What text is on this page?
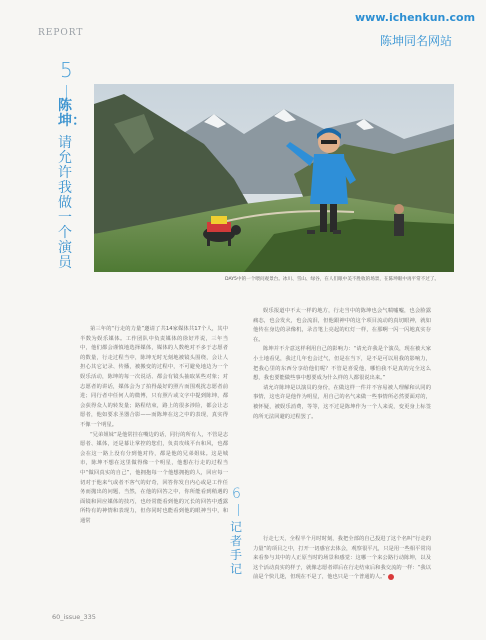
REPORT
www.ichenkun.com
陈坤同名网站
5
陈坤：
请允许我做一个演员
DAY5中的一个喂问观景台。冰川、雪山、绿谷，在人们眼中美不胜收的场景，在陈坤眼中再平常不过了。

第三年的“行走的力量”邀请了共14家媒体共17个人，其中半数为娱乐媒体。工作团队中负责媒体的徐好芹说，三年当中，他们都会谨慎地选择媒体，媒体的人数绝对不多于志愿者的数量，行走过程当中，陈坤无时无刻地被镜头围绕，会让人担心其它记录、传播，被搬变的过程中，不可避免地边为一个娱乐活动，陈坤的每一次说话、都会有镜头抽取某些对象；对志愿者的讲话，媒体会为了拍得最好的照片而围观扰志愿者前进；同行者中任何人的微博，只有照片或文字中提到陈坤，都会获得众人的转发量；路程结束，路上的很多涉险，都会让志愿者，他如要求圣器合影——而陈坤在这之中的表现，真实得不像一个明星。

“兄弟姐妹”是他常挂在嘴边的话，同行的所有人，不管是志愿者、媒体，还是幕让掌控的您们，负责攻线平台和风，也都会在这一路上没有分到他对待，都是他的兄弟姐妹。这是城市，陈坤不想在这里做得像一个明星，他想在行走的过程当中“做回真实的自己”，他拥抱每一个他想拥抱的人，回应每一切对于他来气或者不客气的好奇，回答你发自内心或是工作任务而抛出的问题，当然，在他的回答之中，你所能看到稍遇的面镜和回应媒体的技巧，也经常能看到他的冗长的回答中透露所特有的神情和表现力，但你同时也能看到他的眼神当中，和通常

娱乐报道中不太一样的地方，行走当中的陈坤也会气喘嘘嘘，也会脸露痛态，也会发火，也会流泪，但他跟神中的这个项目流动的真切眼神，就如他传在身边的录像机，录音笔上亮起的红灯一样，在那啊一闪一闪地真实存在。

陈坤并不介意这样利用自己的影响力：“请允许我是个演员，现在被大家小土地看见，我过几年也会过气，但是在当下，是不是可以用我的影响力，把我心里的东西分享给他们呢？不管是喜爱他，哪怕我不是真的完全这么想，我也要能做些事中想要成为什么样的人都很说出来。”

请允许陈坤是以演员的身份，在做这样一件并不容易被人理解和认同的事情，这也许是他作为明星，用自己的名气来做一些事情所必然要面对的，被怀疑，被娱乐消费，等等，这不过是陈坤作为一个人来说，变更身上标签的所无法回避的过程罢了。

6
记者手记

行走七天，全程半个月时时刻，我把全部的自己投进了这个名叫“行走的力量”的项目之中，打开一切感官去体会，观察很平凡，只是用一些相平常岗来看参与其中的人正原当时的场景和感觉：这哪一个来公路行动陈坤，以及这个活动真实的样子，就像志愿者谭后在行走结束后和我交流的一样：“我以前是个快儿迷，但现在不是了，他也只是一个普通的人。”

60_issue_335
